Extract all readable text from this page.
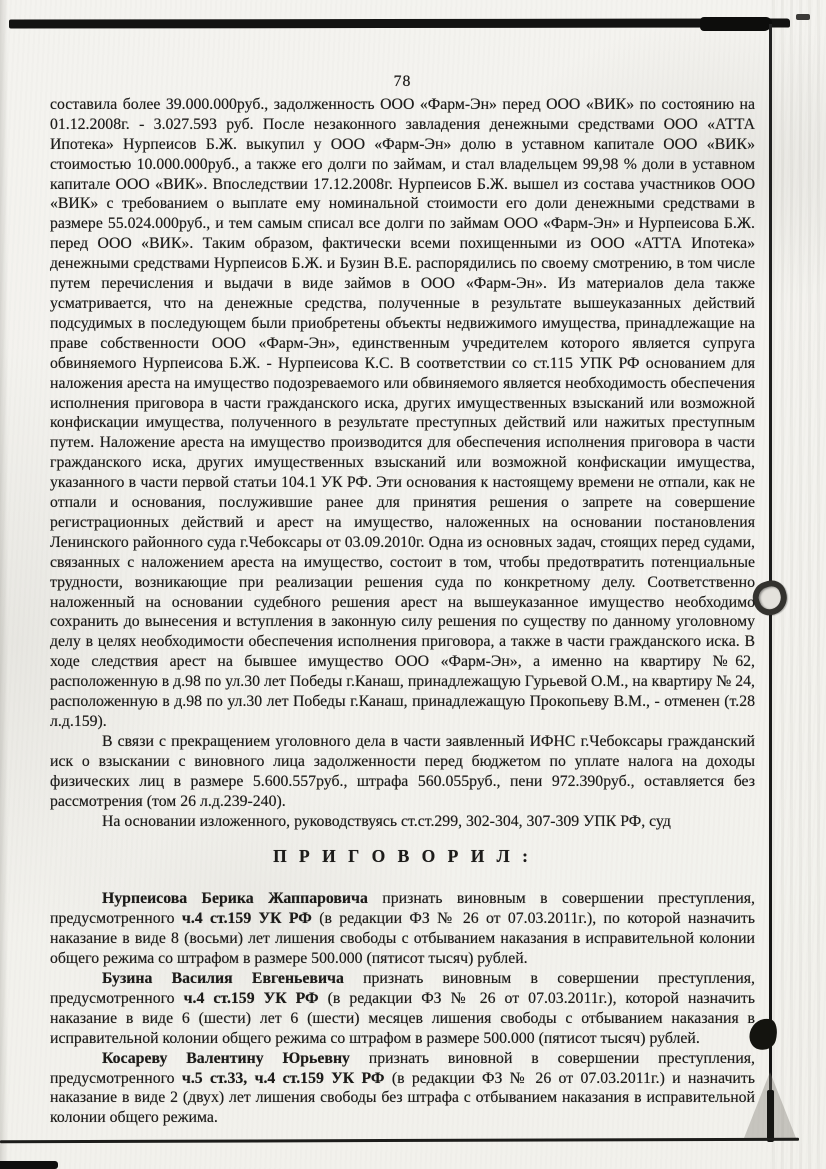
78

составила более 39.000.000руб., задолженность ООО «Фарм-Эн» перед ООО «ВИК» по состоянию на 01.12.2008г. - 3.027.593 руб. После незаконного завладения денежными средствами ООО «АТТА Ипотека» Нурпеисов Б.Ж. выкупил у ООО «Фарм-Эн» долю в уставном капитале ООО «ВИК» стоимостью 10.000.000руб., а также его долги по займам, и стал владельцем 99,98 % доли в уставном капитале ООО «ВИК». Впоследствии 17.12.2008г. Нурпеисов Б.Ж. вышел из состава участников ООО «ВИК» с требованием о выплате ему номинальной стоимости его доли денежными средствами в размере 55.024.000руб., и тем самым списал все долги по займам ООО «Фарм-Эн» и Нурпеисова Б.Ж. перед ООО «ВИК». Таким образом, фактически всеми похищенными из ООО «АТТА Ипотека» денежными средствами Нурпеисов Б.Ж. и Бузин В.Е. распорядились по своему смотрению, в том числе путем перечисления и выдачи в виде займов в ООО «Фарм-Эн». Из материалов дела также усматривается, что на денежные средства, полученные в результате вышеуказанных действий подсудимых в последующем были приобретены объекты недвижимого имущества, принадлежащие на праве собственности ООО «Фарм-Эн», единственным учредителем которого является супруга обвиняемого Нурпеисова Б.Ж. - Нурпеисова К.С. В соответствии со ст.115 УПК РФ основанием для наложения ареста на имущество подозреваемого или обвиняемого является необходимость обеспечения исполнения приговора в части гражданского иска, других имущественных взысканий или возможной конфискации имущества, полученного в результате преступных действий или нажитых преступным путем. Наложение ареста на имущество производится для обеспечения исполнения приговора в части гражданского иска, других имущественных взысканий или возможной конфискации имущества, указанного в части первой статьи 104.1 УК РФ. Эти основания к настоящему времени не отпали, как не отпали и основания, послужившие ранее для принятия решения о запрете на совершение регистрационных действий и арест на имущество, наложенных на основании постановления Ленинского районного суда г.Чебоксары от 03.09.2010г. Одна из основных задач, стоящих перед судами, связанных с наложением ареста на имущество, состоит в том, чтобы предотвратить потенциальные трудности, возникающие при реализации решения суда по конкретному делу. Соответственно наложенный на основании судебного решения арест на вышеуказанное имущество необходимо сохранить до вынесения и вступления в законную силу решения по существу по данному уголовному делу в целях необходимости обеспечения исполнения приговора, а также в части гражданского иска. В ходе следствия арест на бывшее имущество ООО «Фарм-Эн», а именно на квартиру №62, расположенную в д.98 по ул.30 лет Победы г.Канаш, принадлежащую Гурьевой О.М., на квартиру № 24, расположенную в д.98 по ул.30 лет Победы г.Канаш, принадлежащую Прокопьеву В.М., - отменен (т.28 л.д.159).

В связи с прекращением уголовного дела в части заявленный ИФНС г.Чебоксары гражданский иск о взыскании с виновного лица задолженности перед бюджетом по уплате налога на доходы физических лиц в размере 5.600.557руб., штрафа 560.055руб., пени 972.390руб., оставляется без рассмотрения (том 26 л.д.239-240).

На основании изложенного, руководствуясь ст.ст.299, 302-304, 307-309 УПК РФ, суд

П Р И Г О В О Р И Л :

Нурпеисова Берика Жаппаровича признать виновным в совершении преступления, предусмотренного ч.4 ст.159 УК РФ (в редакции ФЗ № 26 от 07.03.2011г.), по которой назначить наказание в виде 8 (восьми) лет лишения свободы с отбыванием наказания в исправительной колонии общего режима со штрафом в размере 500.000 (пятисот тысяч) рублей.

Бузина Василия Евгеньевича признать виновным в совершении преступления, предусмотренного ч.4 ст.159 УК РФ (в редакции ФЗ № 26 от 07.03.2011г.), которой назначить наказание в виде 6 (шести) лет 6 (шести) месяцев лишения свободы с отбыванием наказания в исправительной колонии общего режима со штрафом в размере 500.000 (пятисот тысяч) рублей.

Косареву Валентину Юрьевну признать виновной в совершении преступления, предусмотренного ч.5 ст.33, ч.4 ст.159 УК РФ (в редакции ФЗ № 26 от 07.03.2011г.) и назначить наказание в виде 2 (двух) лет лишения свободы без штрафа с отбыванием наказания в исправительной колонии общего режима.
